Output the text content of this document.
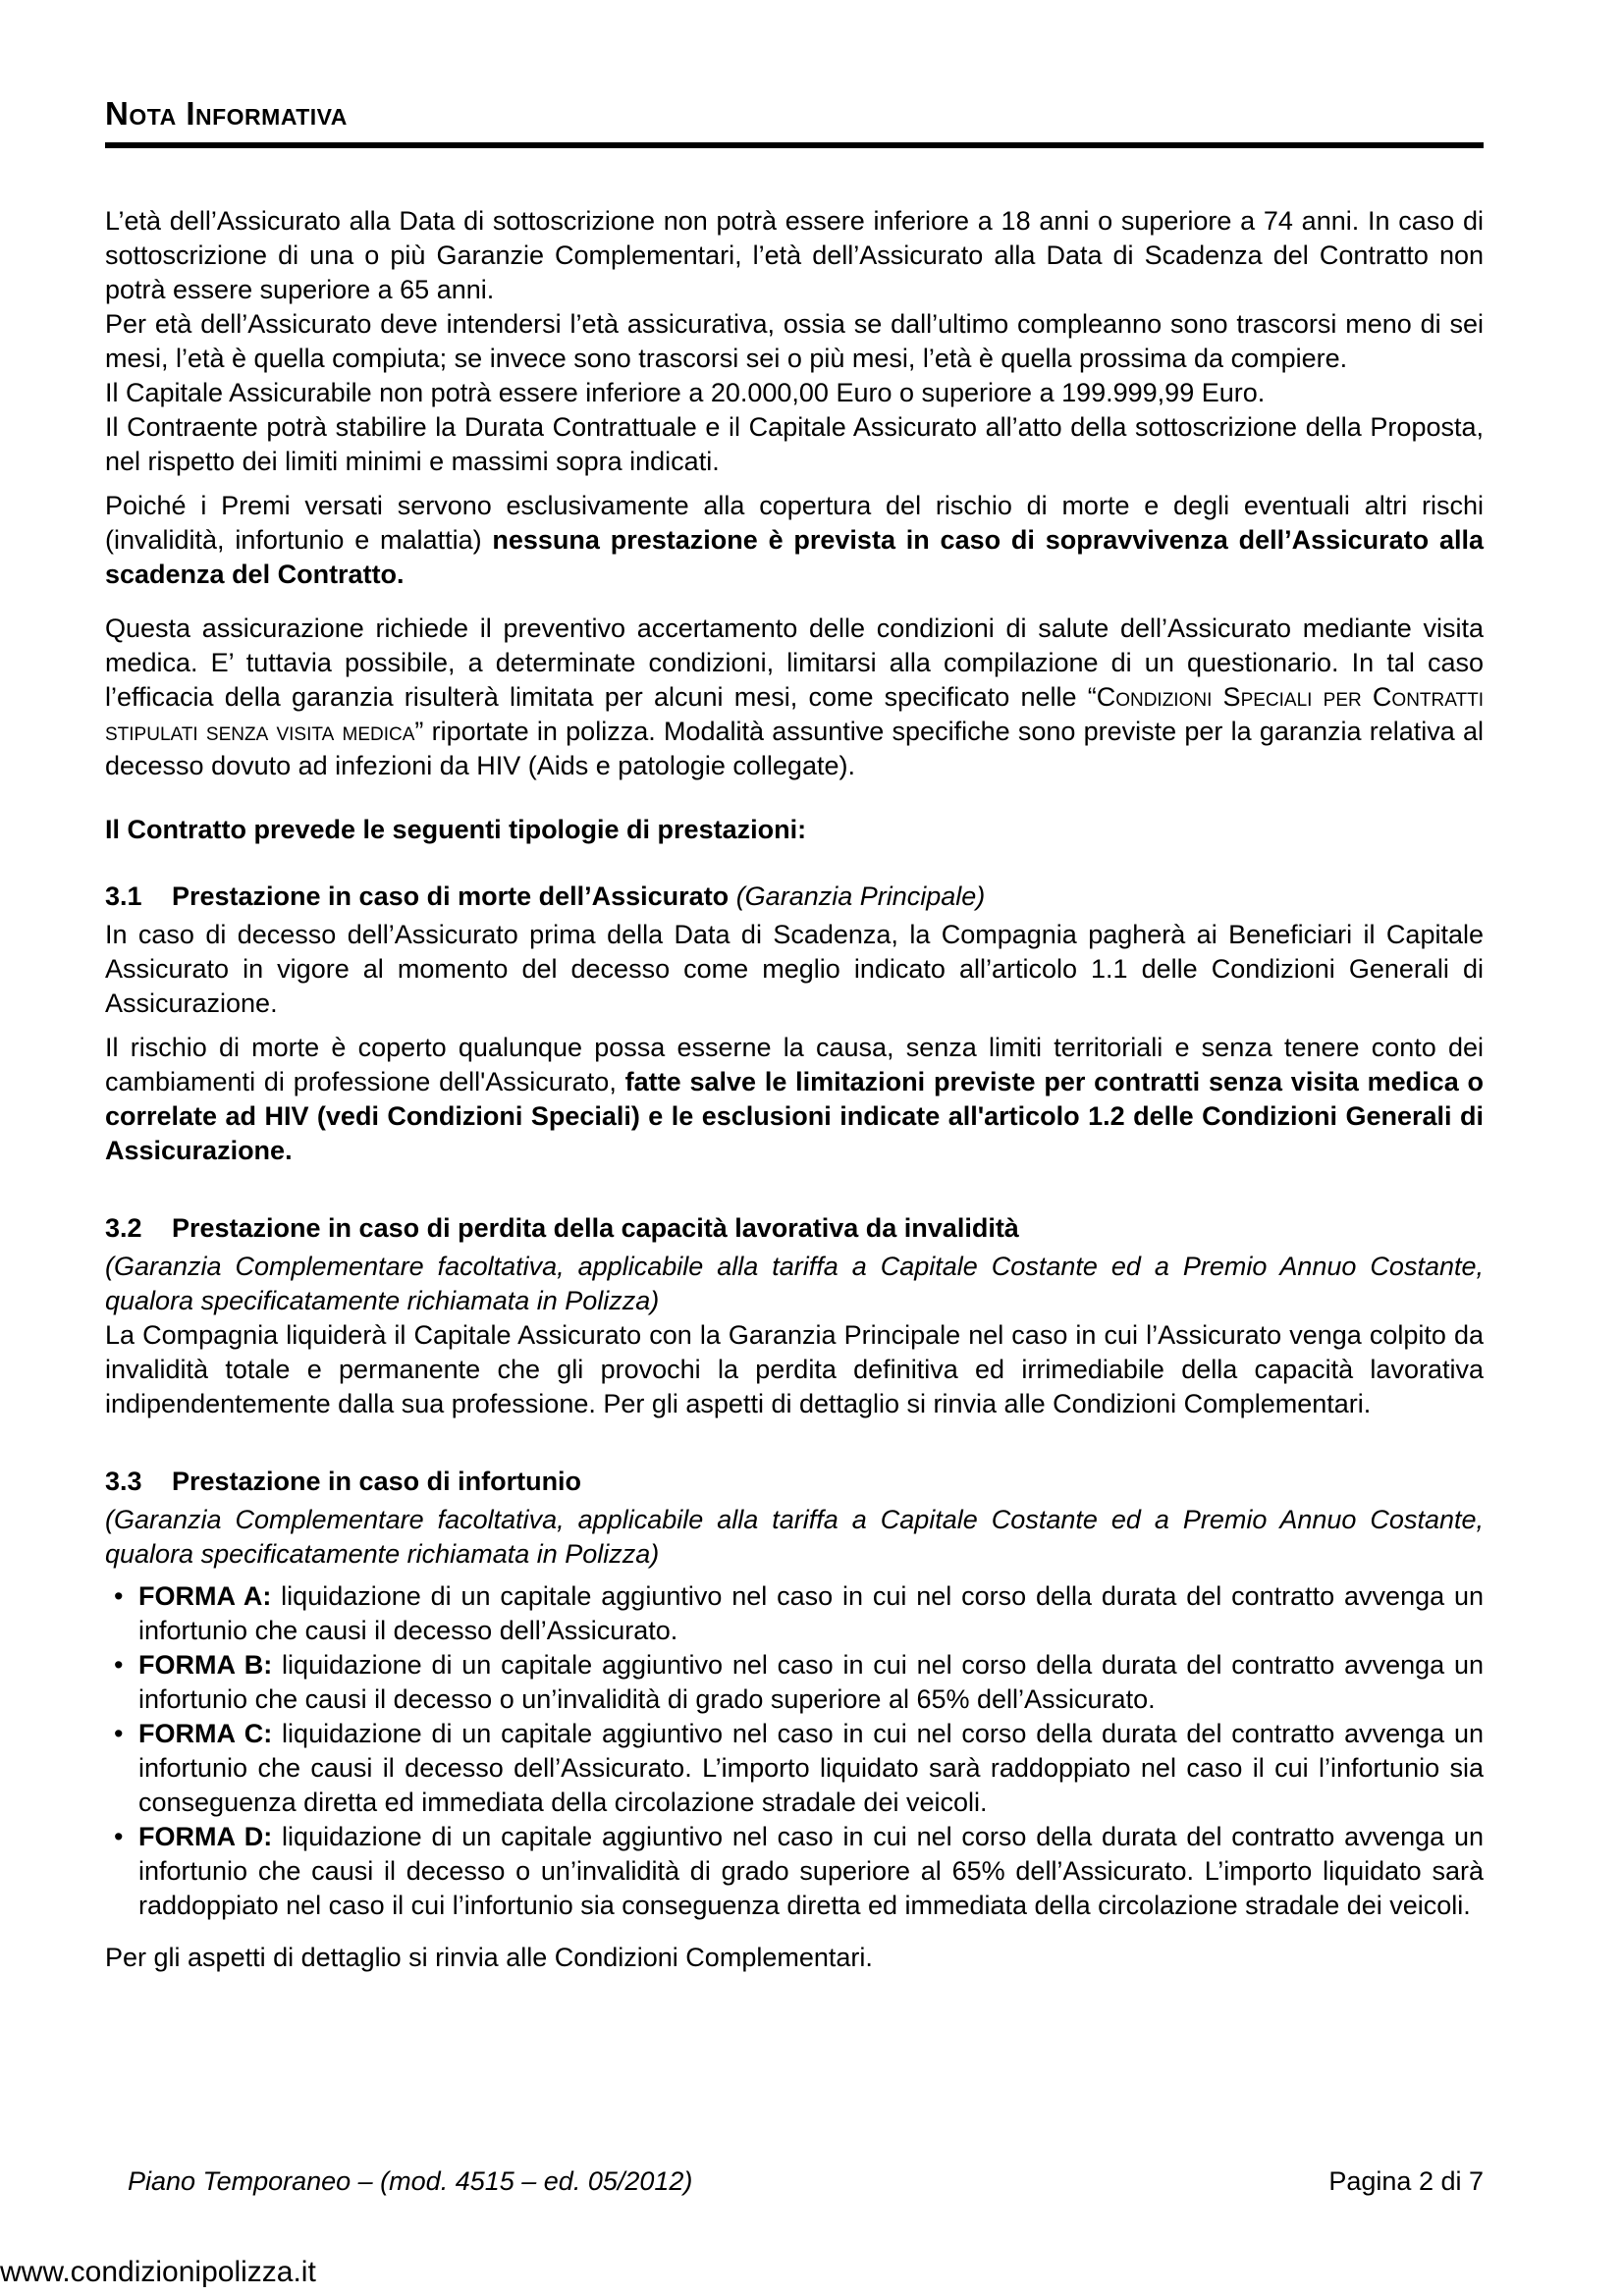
Nota Informativa

L’età dell’Assicurato alla Data di sottoscrizione non potrà essere inferiore a 18 anni o superiore a 74 anni. In caso di sottoscrizione di una o più Garanzie Complementari, l’età dell’Assicurato alla Data di Scadenza del Contratto non potrà essere superiore a 65 anni.

Per età dell’Assicurato deve intendersi l’età assicurativa, ossia se dall’ultimo compleanno sono trascorsi meno di sei mesi, l’età è quella compiuta; se invece sono trascorsi sei o più mesi, l’età è quella prossima da compiere.

Il Capitale Assicurabile non potrà essere inferiore a 20.000,00 Euro o superiore a 199.999,99 Euro.

Il Contraente potrà stabilire la Durata Contrattuale e il Capitale Assicurato all’atto della sottoscrizione della Proposta, nel rispetto dei limiti minimi e massimi sopra indicati.

Poiché i Premi versati servono esclusivamente alla copertura del rischio di morte e degli eventuali altri rischi (invalidità, infortunio e malattia) nessuna prestazione è prevista in caso di sopravvivenza dell’Assicurato alla scadenza del Contratto.

Questa assicurazione richiede il preventivo accertamento delle condizioni di salute dell’Assicurato mediante visita medica. E’ tuttavia possibile, a determinate condizioni, limitarsi alla compilazione di un questionario. In tal caso l’efficacia della garanzia risulterà limitata per alcuni mesi, come specificato nelle “Condizioni Speciali per Contratti stipulati senza visita medica” riportate in polizza. Modalità assuntive specifiche sono previste per la garanzia relativa al decesso dovuto ad infezioni da HIV (Aids e patologie collegate).

Il Contratto prevede le seguenti tipologie di prestazioni:

3.1	Prestazione in caso di morte dell’Assicurato (Garanzia Principale)

In caso di decesso dell’Assicurato prima della Data di Scadenza, la Compagnia pagherà ai Beneficiari il Capitale Assicurato in vigore al momento del decesso come meglio indicato all’articolo 1.1 delle Condizioni Generali di Assicurazione.

Il rischio di morte è coperto qualunque possa esserne la causa, senza limiti territoriali e senza tenere conto dei cambiamenti di professione dell'Assicurato, fatte salve le limitazioni previste per contratti senza visita medica o correlate ad HIV (vedi Condizioni Speciali) e le esclusioni indicate all'articolo 1.2 delle Condizioni Generali di Assicurazione.

3.2	Prestazione in caso di perdita della capacità lavorativa da invalidità

(Garanzia Complementare facoltativa, applicabile alla tariffa a Capitale Costante ed a Premio Annuo Costante, qualora specificatamente richiamata in Polizza)

La Compagnia liquiderà il Capitale Assicurato con la Garanzia Principale nel caso in cui l’Assicurato venga colpito da invalidità totale e permanente che gli provochi la perdita definitiva ed irrimediabile della capacità lavorativa indipendentemente dalla sua professione. Per gli aspetti di dettaglio si rinvia alle Condizioni Complementari.

3.3	Prestazione in caso di infortunio

(Garanzia Complementare facoltativa, applicabile alla tariffa a Capitale Costante ed a Premio Annuo Costante, qualora specificatamente richiamata in Polizza)

• FORMA A: liquidazione di un capitale aggiuntivo nel caso in cui nel corso della durata del contratto avvenga un infortunio che causi il decesso dell’Assicurato.
• FORMA B: liquidazione di un capitale aggiuntivo nel caso in cui nel corso della durata del contratto avvenga un infortunio che causi il decesso o un’invalidità di grado superiore al 65% dell’Assicurato.
• FORMA C: liquidazione di un capitale aggiuntivo nel caso in cui nel corso della durata del contratto avvenga un infortunio che causi il decesso dell’Assicurato. L’importo liquidato sarà raddoppiato nel caso il cui l’infortunio sia conseguenza diretta ed immediata della circolazione stradale dei veicoli.
• FORMA D: liquidazione di un capitale aggiuntivo nel caso in cui nel corso della durata del contratto avvenga un infortunio che causi il decesso o un’invalidità di grado superiore al 65% dell’Assicurato. L’importo liquidato sarà raddoppiato nel caso il cui l’infortunio sia conseguenza diretta ed immediata della circolazione stradale dei veicoli.

Per gli aspetti di dettaglio si rinvia alle Condizioni Complementari.

Piano Temporaneo – (mod. 4515 – ed. 05/2012)	Pagina 2 di 7
www.condizionipolizza.it
